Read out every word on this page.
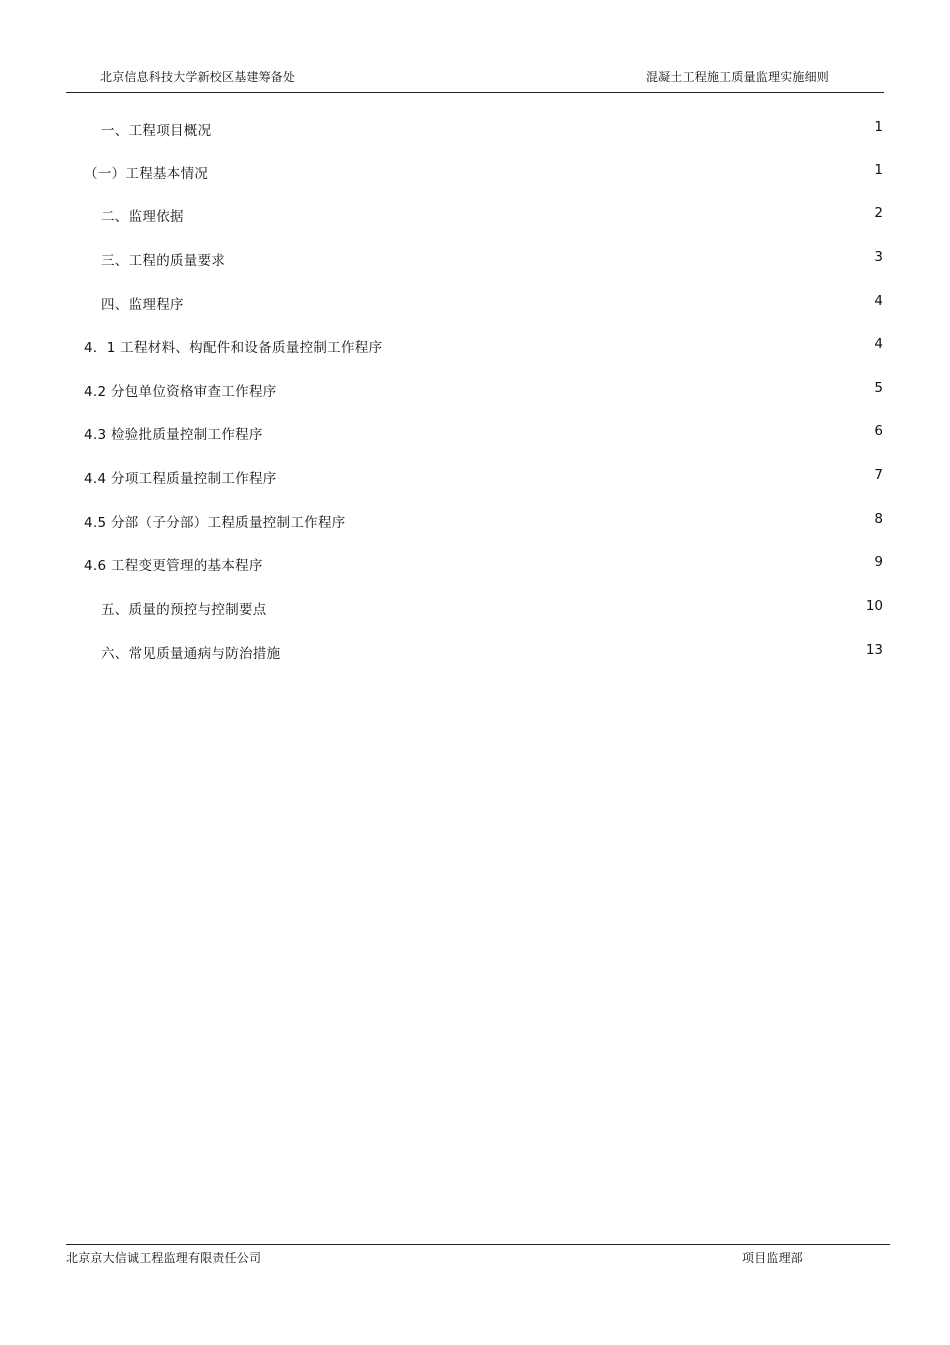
北京信息科技大学新校区基建筹备处	混凝土工程施工质量监理实施细则
一、工程项目概况	1
（一）工程基本情况	1
二、监理依据	2
三、工程的质量要求	3
四、监理程序	4
4．1 工程材料、构配件和设备质量控制工作程序	4
4.2 分包单位资格审查工作程序	5
4.3 检验批质量控制工作程序	6
4.4 分项工程质量控制工作程序	7
4.5 分部（子分部）工程质量控制工作程序	8
4.6 工程变更管理的基本程序	9
五、质量的预控与控制要点	10
六、常见质量通病与防治措施	13
北京京大信诚工程监理有限责任公司	项目监理部
